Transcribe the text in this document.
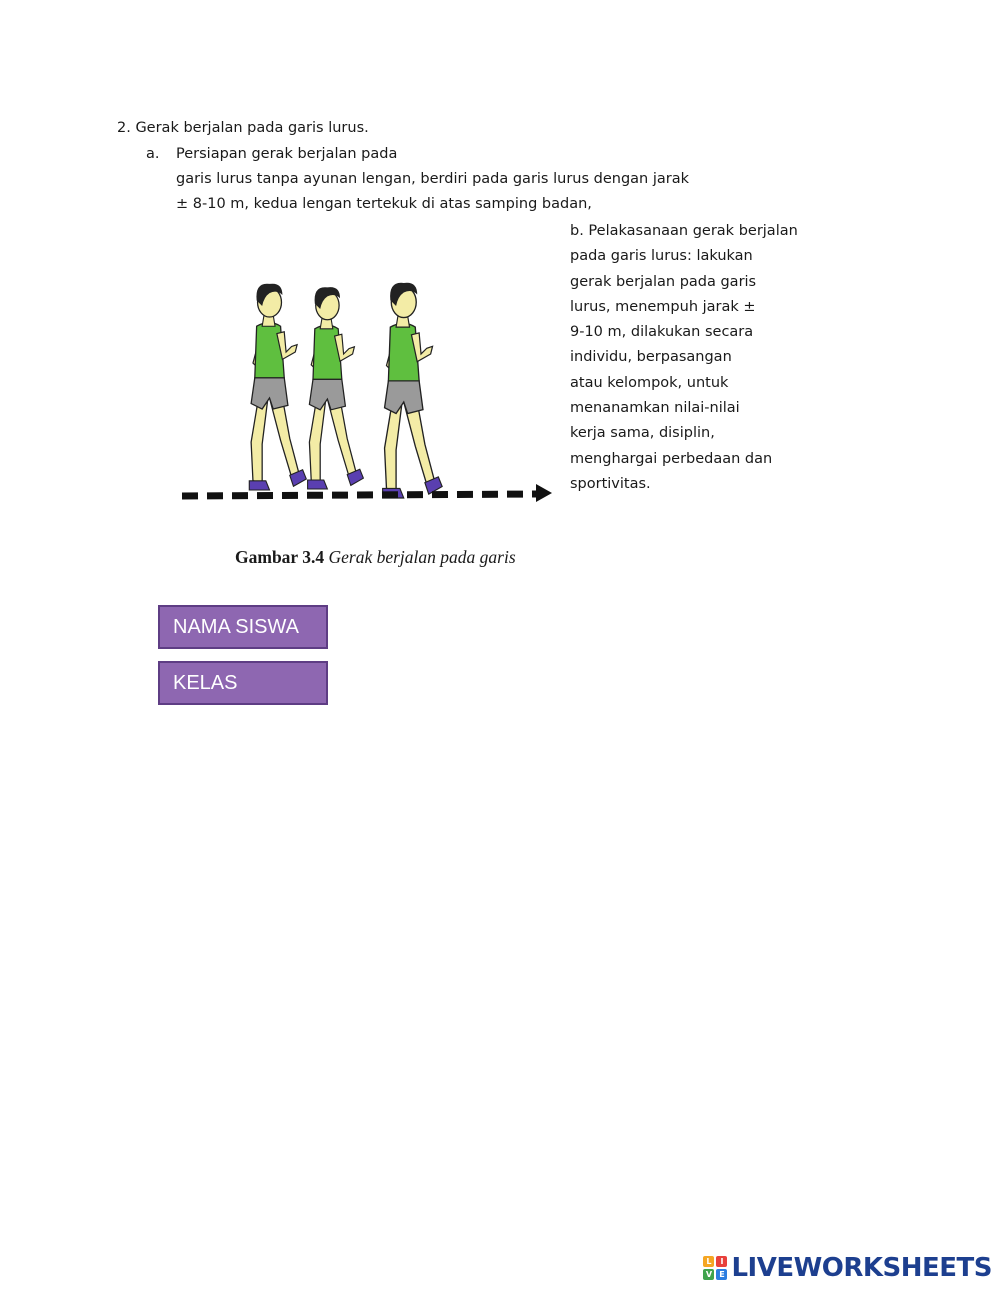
2. Gerak berjalan pada garis lurus.
a. Persiapan gerak berjalan pada
garis lurus tanpa ayunan lengan, berdiri pada garis lurus dengan jarak
± 8-10 m, kedua lengan tertekuk di atas samping badan,
b. Pelakasanaan gerak berjalan
pada garis lurus: lakukan
gerak berjalan pada garis
lurus, menempuh jarak ±
9-10 m, dilakukan secara
individu, berpasangan
atau kelompok, untuk
menanamkan nilai-nilai
kerja sama, disiplin,
menghargai perbedaan dan
sportivitas.
Gambar 3.4 Gerak berjalan pada garis
NAMA SISWA
KELAS
L	I
V E LIVEWORKSHEETS
